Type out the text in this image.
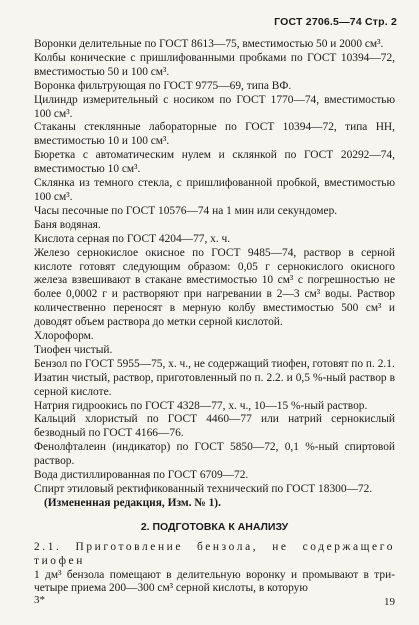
ГОСТ 2706.5—74 Стр. 2

Воронки делительные по ГОСТ 8613—75, вместимостью 50 и 2000 см³.

Колбы конические с пришлифованными пробками по ГОСТ 10394—72, вместимостью 50 и 100 см³.

Воронка фильтрующая по ГОСТ 9775—69, типа ВФ.

Цилиндр измерительный с носиком по ГОСТ 1770—74, вместимостью 100 см³.

Стаканы стеклянные лабораторные по ГОСТ 10394—72, типа НН, вместимостью 10 и 100 см³.

Бюретка с автоматическим нулем и склянкой по ГОСТ 20292—74, вместимостью 10 см³.

Склянка из темного стекла, с пришлифованной пробкой, вместимостью 100 см³.

Часы песочные по ГОСТ 10576—74 на 1 мин или секундомер.

Баня водяная.

Кислота серная по ГОСТ 4204—77, х. ч.

Железо сернокислое окисное по ГОСТ 9485—74, раствор в серной кислоте готовят следующим образом: 0,05 г сернокислого окисного железа взвешивают в стакане вместимостью 10 см³ с погрешностью не более 0,0002 г и растворяют при нагревании в 2—3 см³ воды. Раствор количественно переносят в мерную колбу вместимостью 500 см³ и доводят объем раствора до метки серной кислотой.

Хлороформ.

Тиофен чистый.

Бензол по ГОСТ 5955—75, х. ч., не содержащий тиофен, готовят по п. 2.1.

Изатин чистый, раствор, приготовленный по п. 2.2. и 0,5 %-ный раствор в серной кислоте.

Натрия гидроокись по ГОСТ 4328—77, х. ч., 10—15 %-ный раствор.

Кальций хлористый по ГОСТ 4460—77 или натрий сернокислый безводный по ГОСТ 4166—76.

Фенолфталеин (индикатор) по ГОСТ 5850—72, 0,1 %-ный спиртовой раствор.

Вода дистиллированная по ГОСТ 6709—72.

Спирт этиловый ректификованный технический по ГОСТ 18300—72.

(Измененная редакция, Изм. № 1).

2. ПОДГОТОВКА К АНАЛИЗУ

2.1. Приготовление бензола, не содержащего тиофен

1 дм³ бензола помещают в делительную воронку и промывают в три-четыре приема 200—300 см³ серной кислоты, в которую

3*	19
